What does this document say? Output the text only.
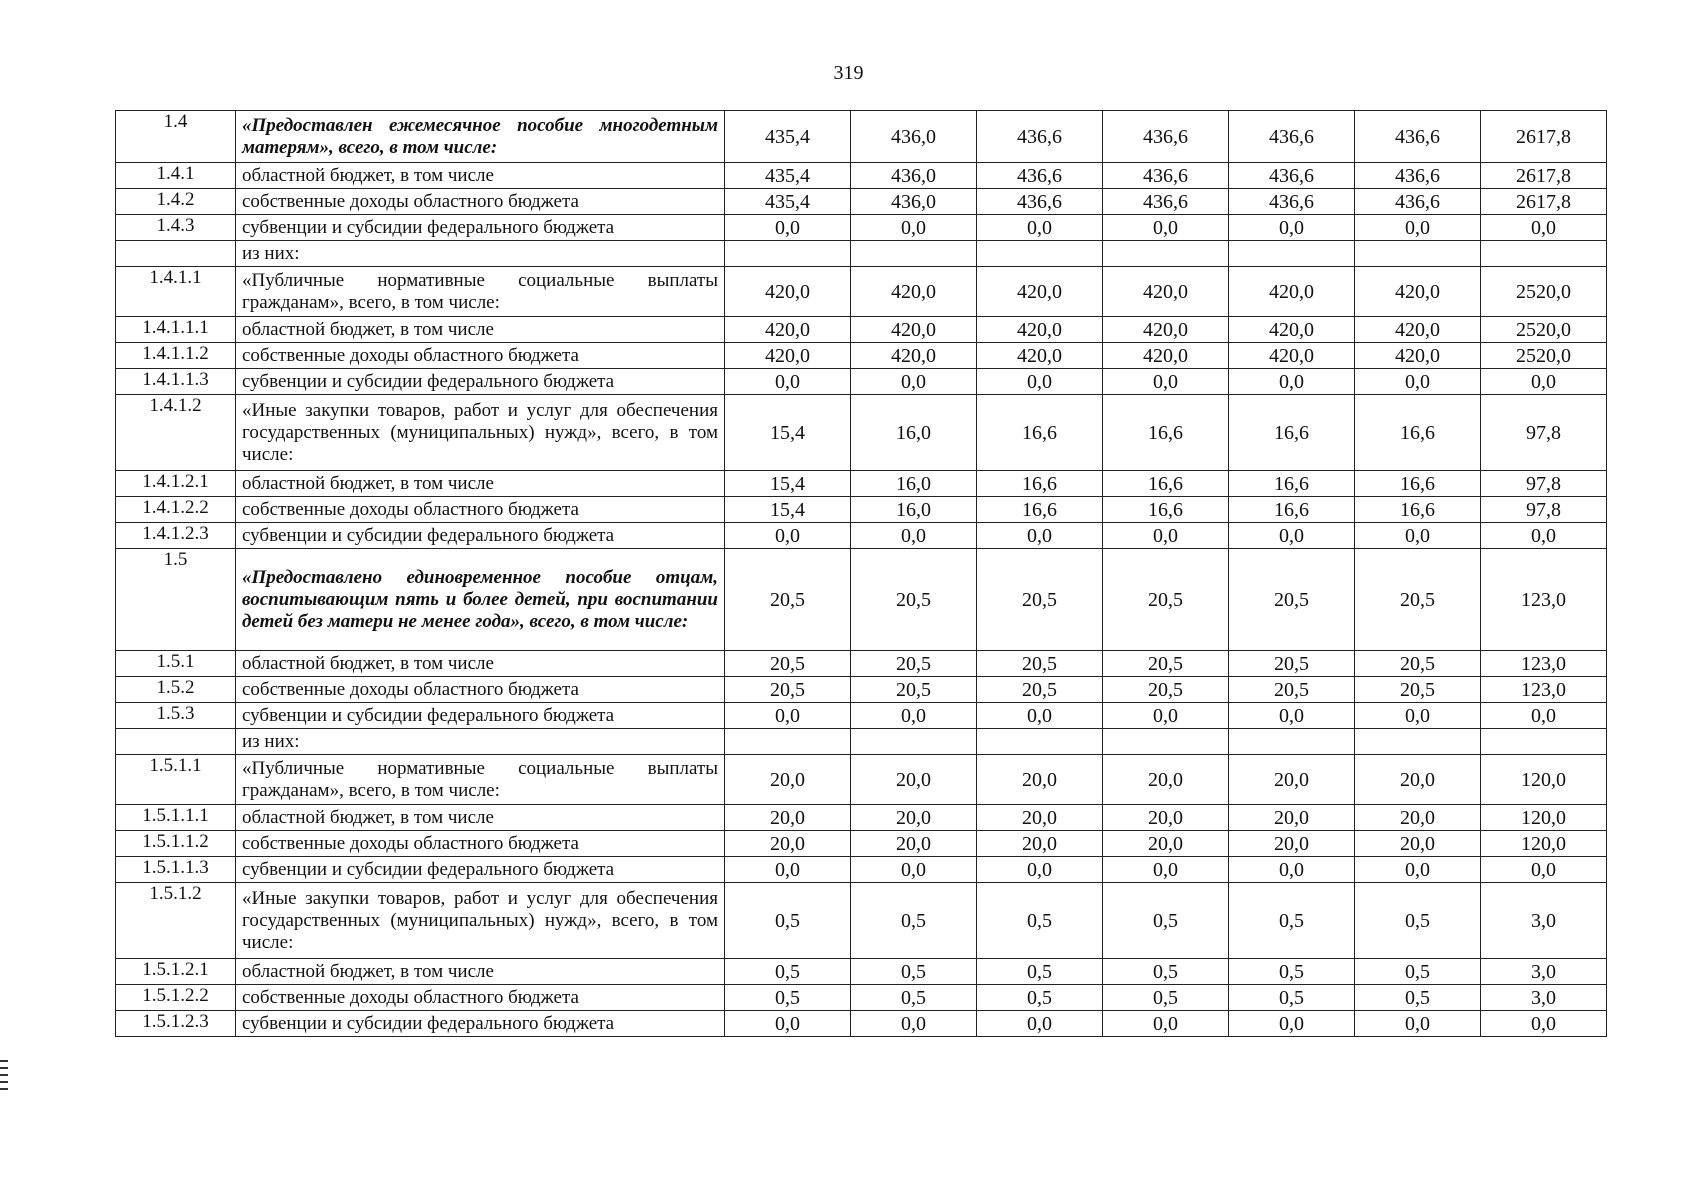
319
1.4	«Предоставлен ежемесячное пособие многодетным матерям», всего, в том числе:	435,4	436,0	436,6	436,6	436,6	436,6	2617,8
1.4.1	областной бюджет, в том числе	435,4	436,0	436,6	436,6	436,6	436,6	2617,8
1.4.2	собственные доходы областного бюджета	435,4	436,0	436,6	436,6	436,6	436,6	2617,8
1.4.3	субвенции и субсидии федерального бюджета	0,0	0,0	0,0	0,0	0,0	0,0	0,0
	из них:							
1.4.1.1	«Публичные нормативные социальные выплаты гражданам», всего, в том числе:	420,0	420,0	420,0	420,0	420,0	420,0	2520,0
1.4.1.1.1	областной бюджет, в том числе	420,0	420,0	420,0	420,0	420,0	420,0	2520,0
1.4.1.1.2	собственные доходы областного бюджета	420,0	420,0	420,0	420,0	420,0	420,0	2520,0
1.4.1.1.3	субвенции и субсидии федерального бюджета	0,0	0,0	0,0	0,0	0,0	0,0	0,0
1.4.1.2	«Иные закупки товаров, работ и услуг для обеспечения государственных (муниципальных) нужд», всего, в том числе:	15,4	16,0	16,6	16,6	16,6	16,6	97,8
1.4.1.2.1	областной бюджет, в том числе	15,4	16,0	16,6	16,6	16,6	16,6	97,8
1.4.1.2.2	собственные доходы областного бюджета	15,4	16,0	16,6	16,6	16,6	16,6	97,8
1.4.1.2.3	субвенции и субсидии федерального бюджета	0,0	0,0	0,0	0,0	0,0	0,0	0,0
1.5	«Предоставлено единовременное пособие отцам, воспитывающим пять и более детей, при воспитании детей без матери не менее года», всего, в том числе:	20,5	20,5	20,5	20,5	20,5	20,5	123,0
1.5.1	областной бюджет, в том числе	20,5	20,5	20,5	20,5	20,5	20,5	123,0
1.5.2	собственные доходы областного бюджета	20,5	20,5	20,5	20,5	20,5	20,5	123,0
1.5.3	субвенции и субсидии федерального бюджета	0,0	0,0	0,0	0,0	0,0	0,0	0,0
	из них:							
1.5.1.1	«Публичные нормативные социальные выплаты гражданам», всего, в том числе:	20,0	20,0	20,0	20,0	20,0	20,0	120,0
1.5.1.1.1	областной бюджет, в том числе	20,0	20,0	20,0	20,0	20,0	20,0	120,0
1.5.1.1.2	собственные доходы областного бюджета	20,0	20,0	20,0	20,0	20,0	20,0	120,0
1.5.1.1.3	субвенции и субсидии федерального бюджета	0,0	0,0	0,0	0,0	0,0	0,0	0,0
1.5.1.2	«Иные закупки товаров, работ и услуг для обеспечения государственных (муниципальных) нужд», всего, в том числе:	0,5	0,5	0,5	0,5	0,5	0,5	3,0
1.5.1.2.1	областной бюджет, в том числе	0,5	0,5	0,5	0,5	0,5	0,5	3,0
1.5.1.2.2	собственные доходы областного бюджета	0,5	0,5	0,5	0,5	0,5	0,5	3,0
1.5.1.2.3	субвенции и субсидии федерального бюджета	0,0	0,0	0,0	0,0	0,0	0,0	0,0
